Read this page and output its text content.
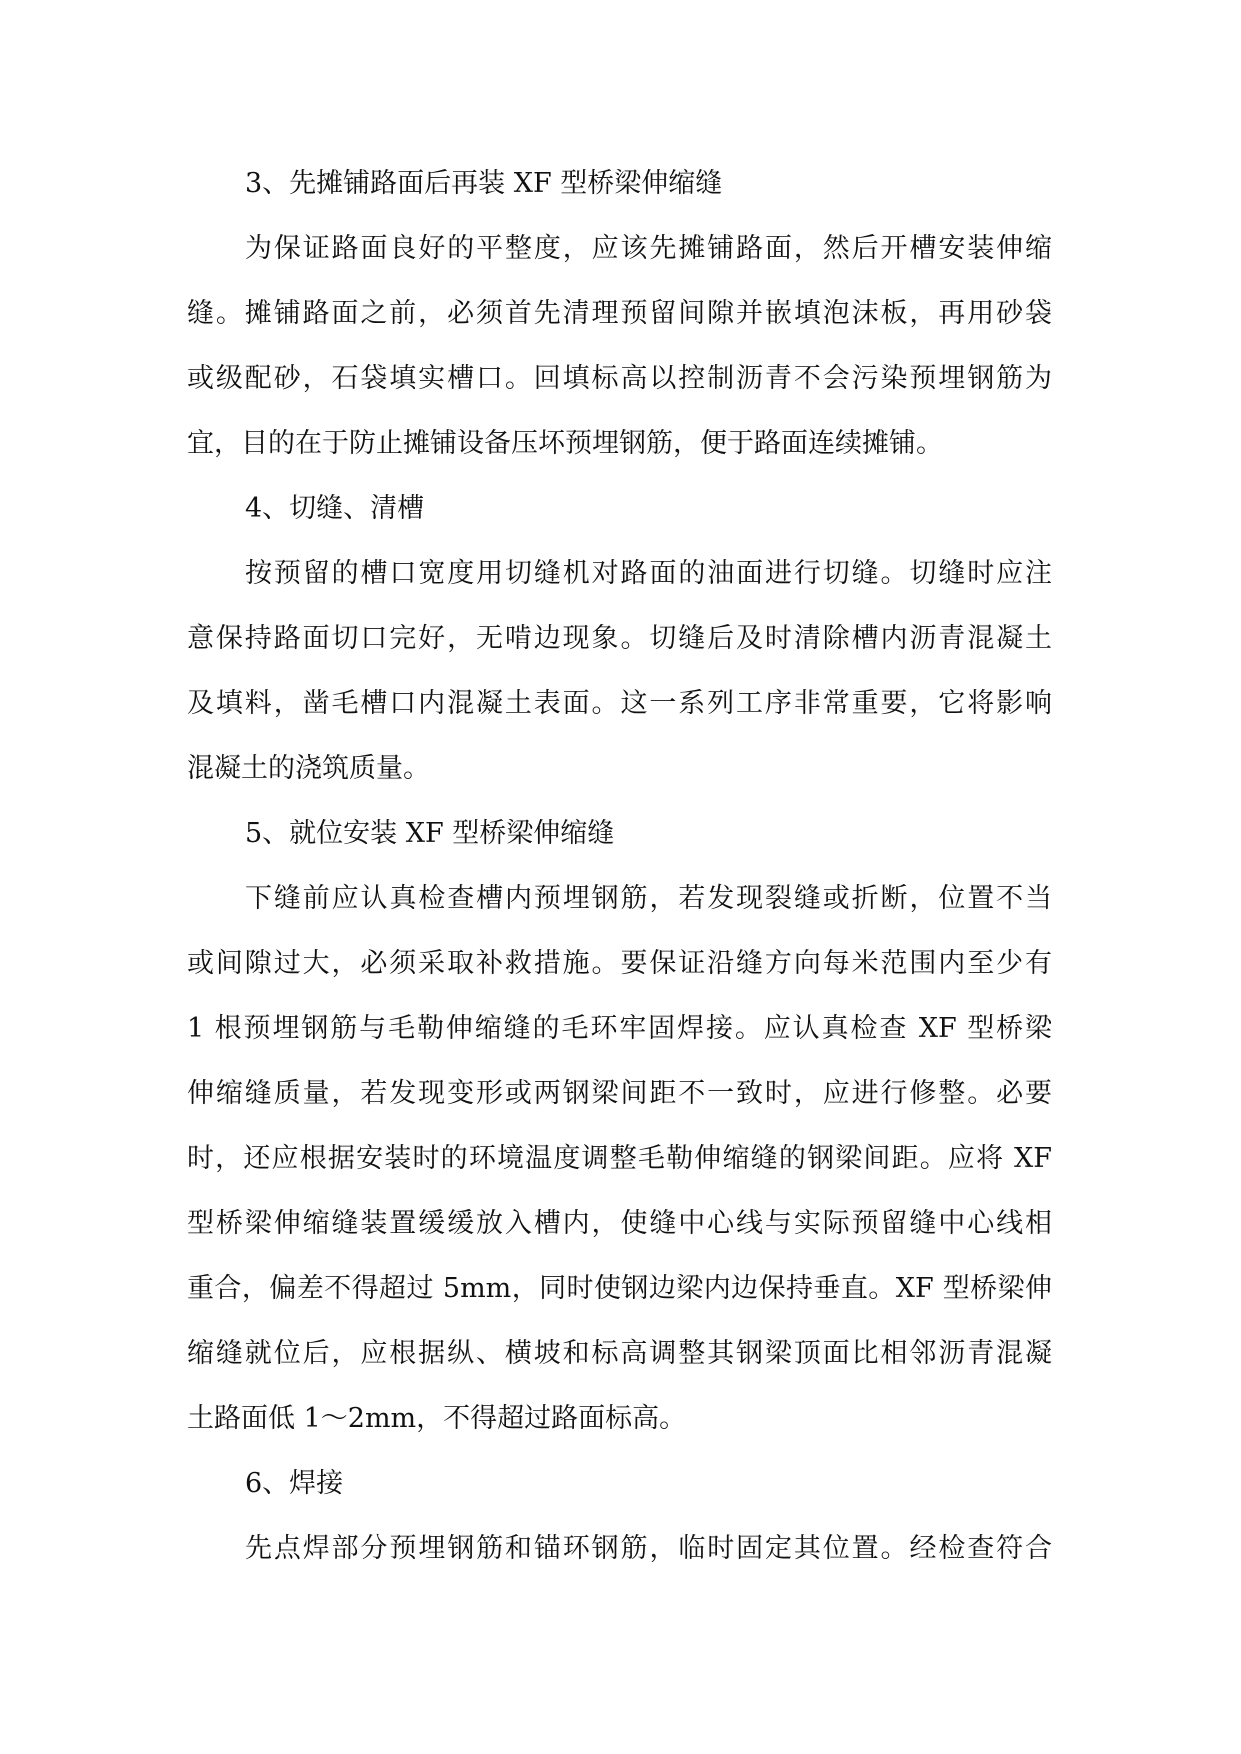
3、先摊铺路面后再装 XF 型桥梁伸缩缝
为保证路面良好的平整度，应该先摊铺路面，然后开槽安装伸缩
缝。摊铺路面之前，必须首先清理预留间隙并嵌填泡沫板，再用砂袋
或级配砂，石袋填实槽口。回填标高以控制沥青不会污染预埋钢筋为
宜，目的在于防止摊铺设备压坏预埋钢筋，便于路面连续摊铺。
4、切缝、清槽
按预留的槽口宽度用切缝机对路面的油面进行切缝。切缝时应注
意保持路面切口完好，无啃边现象。切缝后及时清除槽内沥青混凝土
及填料，凿毛槽口内混凝土表面。这一系列工序非常重要，它将影响
混凝土的浇筑质量。
5、就位安装 XF 型桥梁伸缩缝
下缝前应认真检查槽内预埋钢筋，若发现裂缝或折断，位置不当
或间隙过大，必须采取补救措施。要保证沿缝方向每米范围内至少有
1 根预埋钢筋与毛勒伸缩缝的毛环牢固焊接。应认真检查 XF 型桥梁
伸缩缝质量，若发现变形或两钢梁间距不一致时，应进行修整。必要
时，还应根据安装时的环境温度调整毛勒伸缩缝的钢梁间距。应将 XF
型桥梁伸缩缝装置缓缓放入槽内，使缝中心线与实际预留缝中心线相
重合，偏差不得超过 5mm，同时使钢边梁内边保持垂直。XF 型桥梁伸
缩缝就位后，应根据纵、横坡和标高调整其钢梁顶面比相邻沥青混凝
土路面低 1～2mm，不得超过路面标高。
6、焊接
先点焊部分预埋钢筋和锚环钢筋，临时固定其位置。经检查符合
